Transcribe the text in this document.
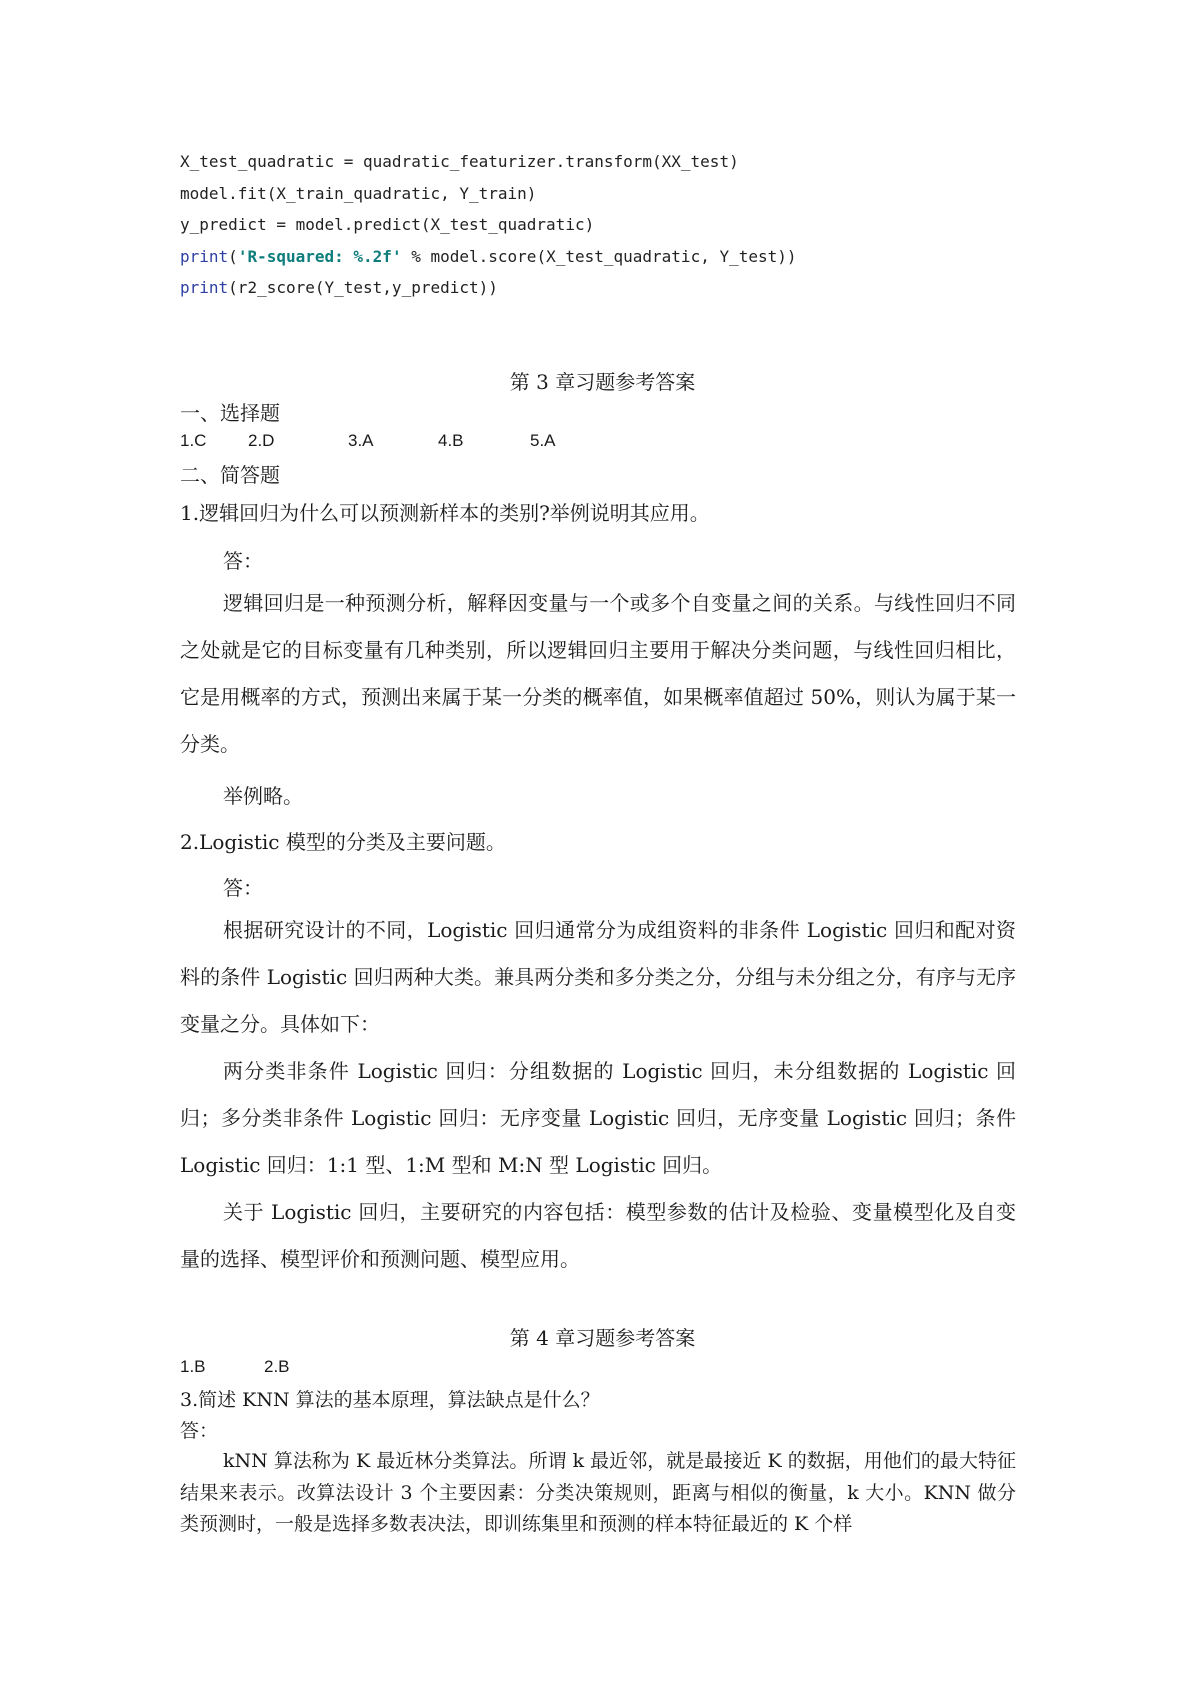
X_test_quadratic = quadratic_featurizer.transform(XX_test)
model.fit(X_train_quadratic, Y_train)
y_predict = model.predict(X_test_quadratic)
print('R-squared: %.2f' % model.score(X_test_quadratic, Y_test))
print(r2_score(Y_test,y_predict))
第 3 章习题参考答案
一、选择题
1.C 2.D	3.A	4.B	5.A
二、简答题
1.逻辑回归为什么可以预测新样本的类别?举例说明其应用。
答：
逻辑回归是一种预测分析，解释因变量与一个或多个自变量之间的关系。与线性回归不同之处就是它的目标变量有几种类别，所以逻辑回归主要用于解决分类问题，与线性回归相比，它是用概率的方式，预测出来属于某一分类的概率值，如果概率值超过 50%，则认为属于某一分类。
举例略。
2.Logistic 模型的分类及主要问题。
答：
根据研究设计的不同，Logistic 回归通常分为成组资料的非条件 Logistic 回归和配对资料的条件 Logistic 回归两种大类。兼具两分类和多分类之分，分组与未分组之分，有序与无序变量之分。具体如下：
两分类非条件 Logistic 回归：分组数据的 Logistic 回归，未分组数据的 Logistic 回归；多分类非条件 Logistic 回归：无序变量 Logistic 回归，无序变量 Logistic 回归；条件 Logistic 回归：1:1 型、1:M 型和 M:N 型 Logistic 回归。
关于 Logistic 回归，主要研究的内容包括：模型参数的估计及检验、变量模型化及自变量的选择、模型评价和预测问题、模型应用。
第 4 章习题参考答案
1.B	2.B
3.简述 KNN 算法的基本原理，算法缺点是什么？
答：
kNN 算法称为 K 最近林分类算法。所谓 k 最近邻，就是最接近 K 的数据，用他们的最大特征结果来表示。改算法设计 3 个主要因素：分类决策规则，距离与相似的衡量，k 大小。KNN 做分类预测时，一般是选择多数表决法，即训练集里和预测的样本特征最近的 K 个样
